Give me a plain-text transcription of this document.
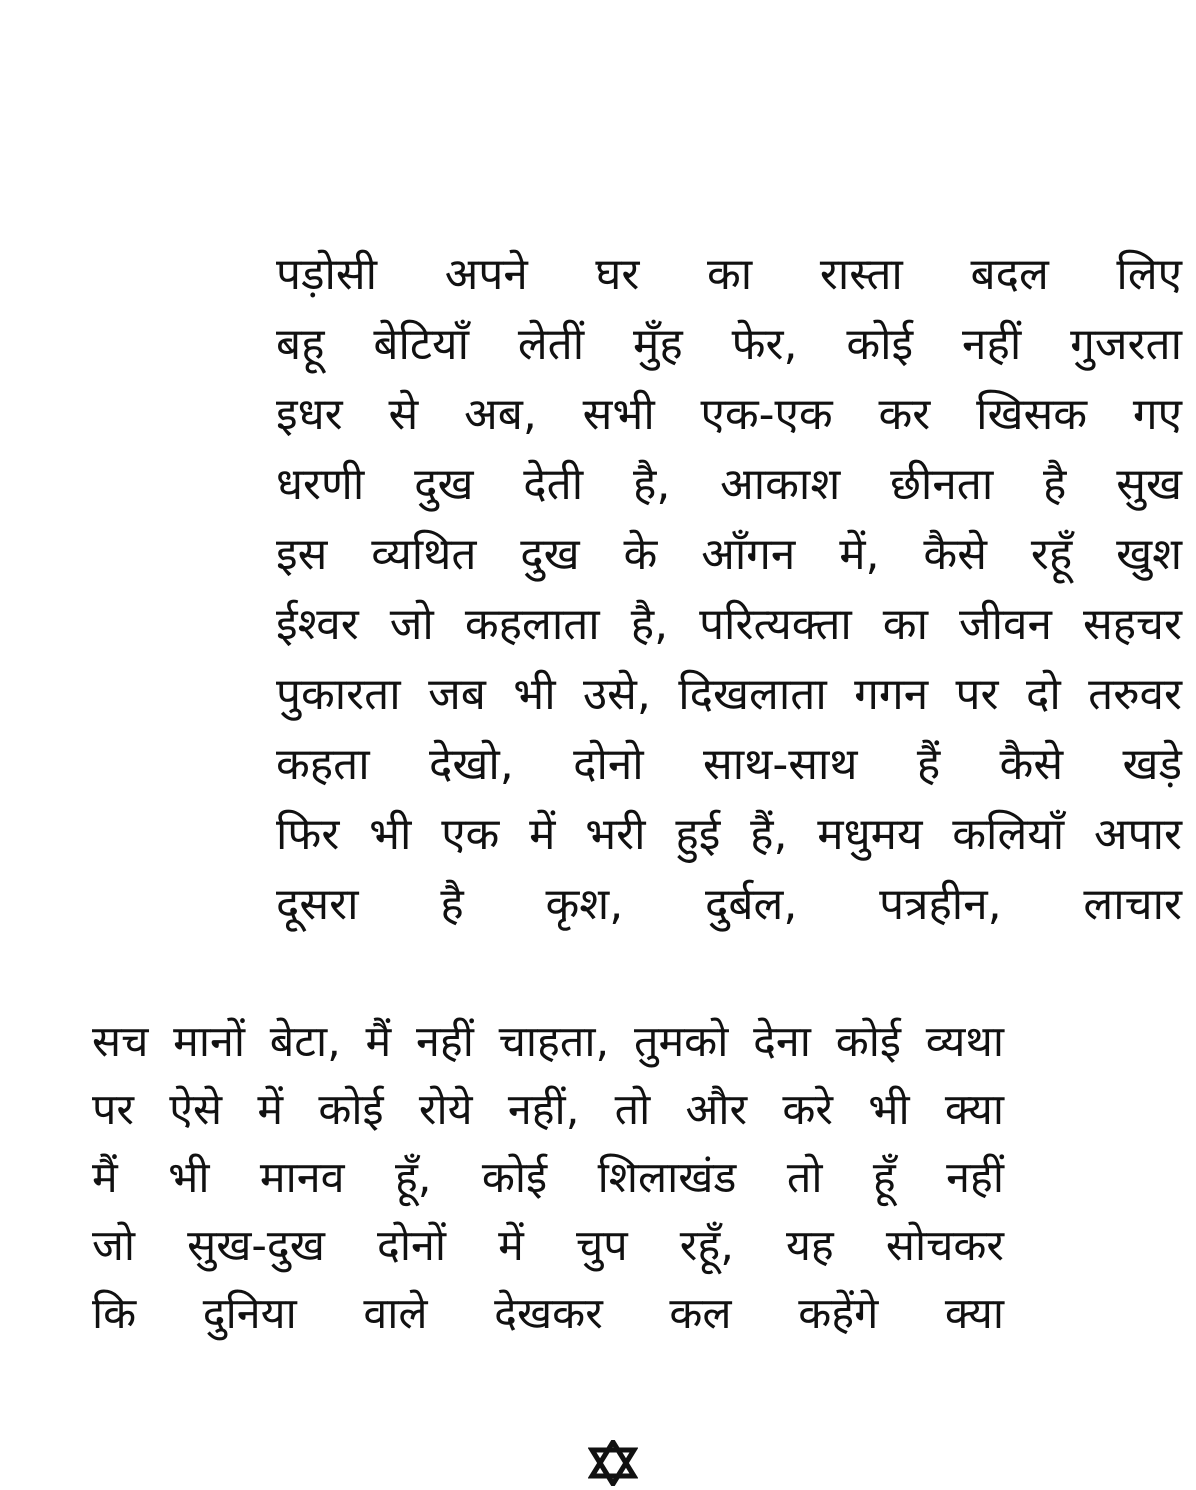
पड़ोसी अपने घर का रास्ता बदल लिए
बहू बेटियाँ लेतीं मुँह फेर, कोई नहीं गुजरता
इधर से अब, सभी एक-एक कर खिसक गए
धरणी दुख देती है, आकाश छीनता है सुख
इस व्यथित दुख के आँगन में, कैसे रहूँ खुश
ईश्वर जो कहलाता है, परित्यक्ता का जीवन सहचर
पुकारता जब भी उसे, दिखलाता गगन पर दो तरुवर
कहता देखो, दोनो साथ-साथ हैं कैसे खड़े
फिर भी एक में भरी हुई हैं, मधुमय कलियाँ अपार
दूसरा है कृश, दुर्बल, पत्रहीन, लाचार
सच मानों बेटा, मैं नहीं चाहता, तुमको देना कोई व्यथा
पर ऐसे में कोई रोये नहीं, तो और करे भी क्या
मैं भी मानव हूँ, कोई शिलाखंड तो हूँ नहीं
जो सुख-दुख दोनों में चुप रहूँ, यह सोचकर
कि दुनिया वाले देखकर कल कहेंगे क्या
